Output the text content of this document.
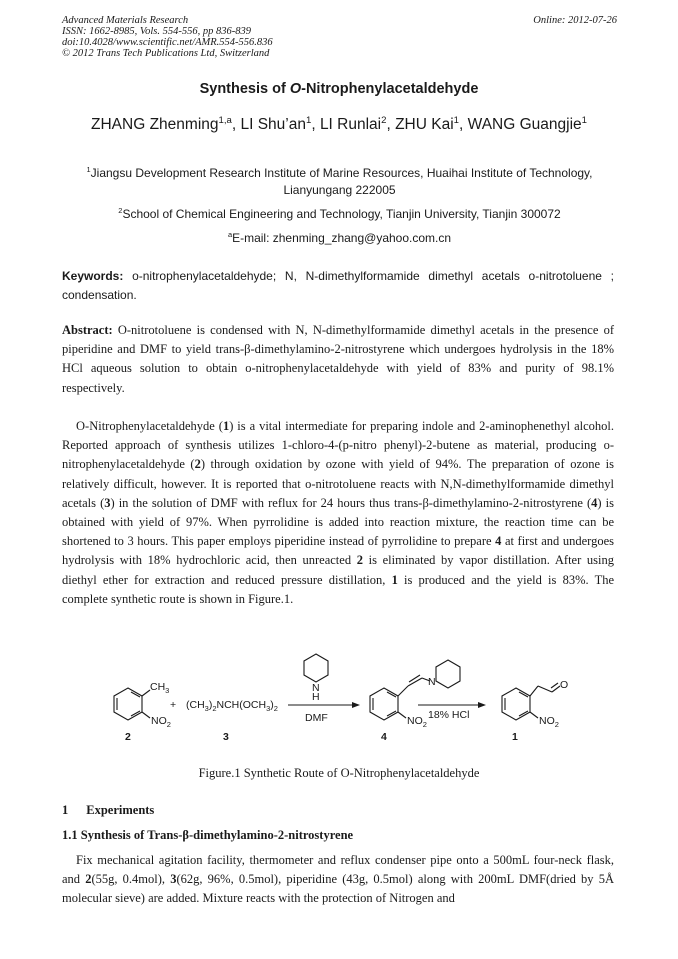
Advanced Materials Research
ISSN: 1662-8985, Vols. 554-556, pp 836-839
doi:10.4028/www.scientific.net/AMR.554-556.836
© 2012 Trans Tech Publications Ltd, Switzerland
Online: 2012-07-26
Synthesis of O-Nitrophenylacetaldehyde
ZHANG Zhenming$^{1,a}$, LI $Shu’an^1$, LI Runlai$^2$, ZHU Kai$^1$, WANG Guangjie$^1$
$^1$Jiangsu Development Research Institute of Marine Resources, Huaihai Institute of Technology,
Lianyungang 222005
$^2$School of Chemical Engineering and Technology, Tianjin University, Tianjin 300072
$^a$E-mail: zhenming_zhang@yahoo.com.cn
Keywords: o-nitrophenylacetaldehyde; N, N-dimethylformamide dimethyl acetals o-nitrotoluene ; condensation.
Abstract: O-nitrotoluene is condensed with N, N-dimethylformamide dimethyl acetals in the presence of piperidine and DMF to yield trans-β-dimethylamino-2-nitrostyrene which undergoes hydrolysis in the 18% HCl aqueous solution to obtain o-nitrophenylacetaldehyde with yield of 83% and purity of 98.1% respectively.
O-Nitrophenylacetaldehyde (1) is a vital intermediate for preparing indole and 2-aminophenethyl alcohol. Reported approach of synthesis utilizes 1-chloro-4-(p-nitro phenyl)-2-butene as material, producing o-nitrophenylacetaldehyde (2) through oxidation by ozone with yield of 94%. The preparation of ozone is relatively difficult, however. It is reported that o-nitrotoluene reacts with N,N-dimethylformamide dimethyl acetals (3) in the solution of DMF with reflux for 24 hours thus trans-β-dimethylamino-2-nitrostyrene (4) is obtained with yield of 97%. When pyrrolidine is added into reaction mixture, the reaction time can be shortened to 3 hours. This paper employs piperidine instead of pyrrolidine to prepare 4 at first and undergoes hydrolysis with 18% hydrochloric acid, then unreacted 2 is eliminated by vapor distillation. After using diethyl ether for extraction and reduced pressure distillation, 1 is produced and the yield is 83%. The complete synthetic route is shown in Figure.1.
$CH_3$
$NO_2$
2
+ $(CH_3)_2NCH(OCH_3)_2$
3
N
H
DMF
N
$NO_2$
4
18% HCl
O
$NO_2$
1
Figure.1 Synthetic Route of O-Nitrophenylacetaldehyde
1 Experiments
1.1 Synthesis of Trans-β-dimethylamino-2-nitrostyrene
Fix mechanical agitation facility, thermometer and reflux condenser pipe onto a 500mL four-neck flask, and 2(55g, 0.4mol), 3(62g, 96%, 0.5mol), piperidine (43g, 0.5mol) along with 200mL DMF(dried by 5Å molecular sieve) are added. Mixture reacts with the protection of Nitrogen and
